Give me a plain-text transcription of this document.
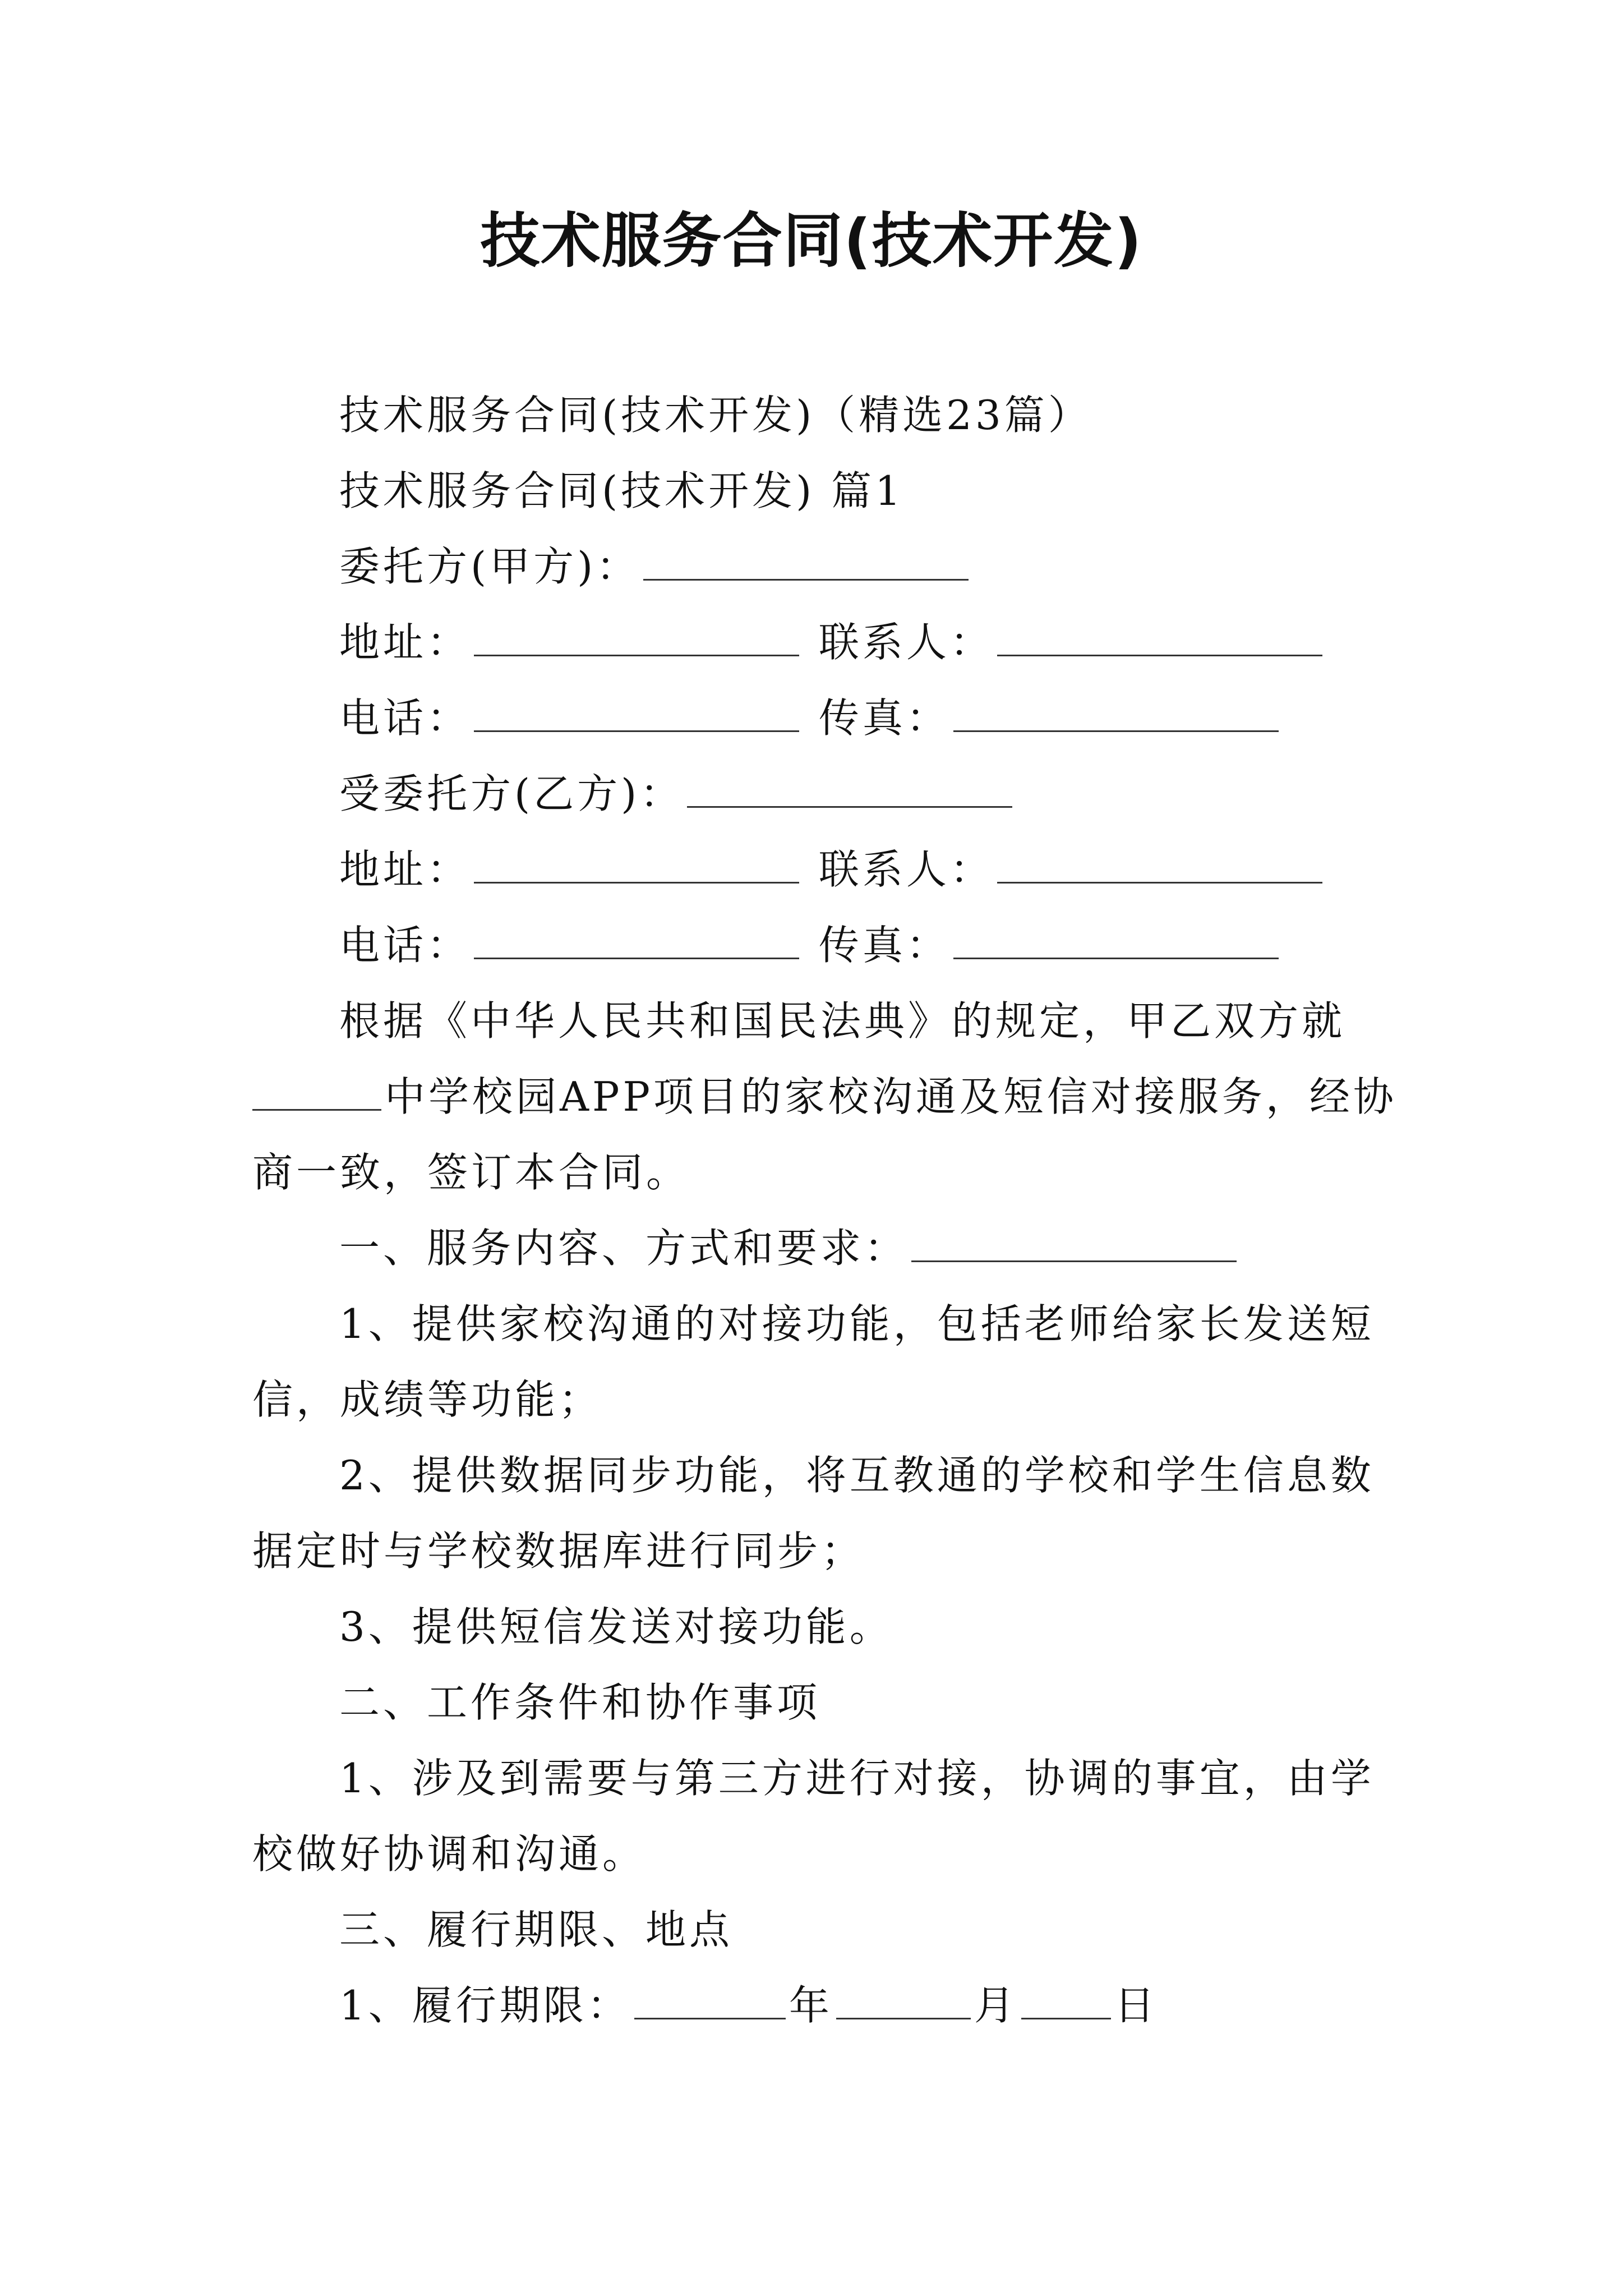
技术服务合同(技术开发)
技术服务合同(技术开发)（精选23篇）
技术服务合同(技术开发) 篇1
委托方(甲方)：
地址：	联系人：
电话：	传真：
受委托方(乙方)：
地址：	联系人：
电话：	传真：
根据《中华人民共和国民法典》的规定，甲乙双方就
中学校园APP项目的家校沟通及短信对接服务，经协
商一致，签订本合同。
一、服务内容、方式和要求：
1、提供家校沟通的对接功能，包括老师给家长发送短
信，成绩等功能；
2、提供数据同步功能，将互教通的学校和学生信息数
据定时与学校数据库进行同步；
3、提供短信发送对接功能。
二、工作条件和协作事项
1、涉及到需要与第三方进行对接，协调的事宜，由学
校做好协调和沟通。
三、履行期限、地点
1、履行期限：	年	月 日
